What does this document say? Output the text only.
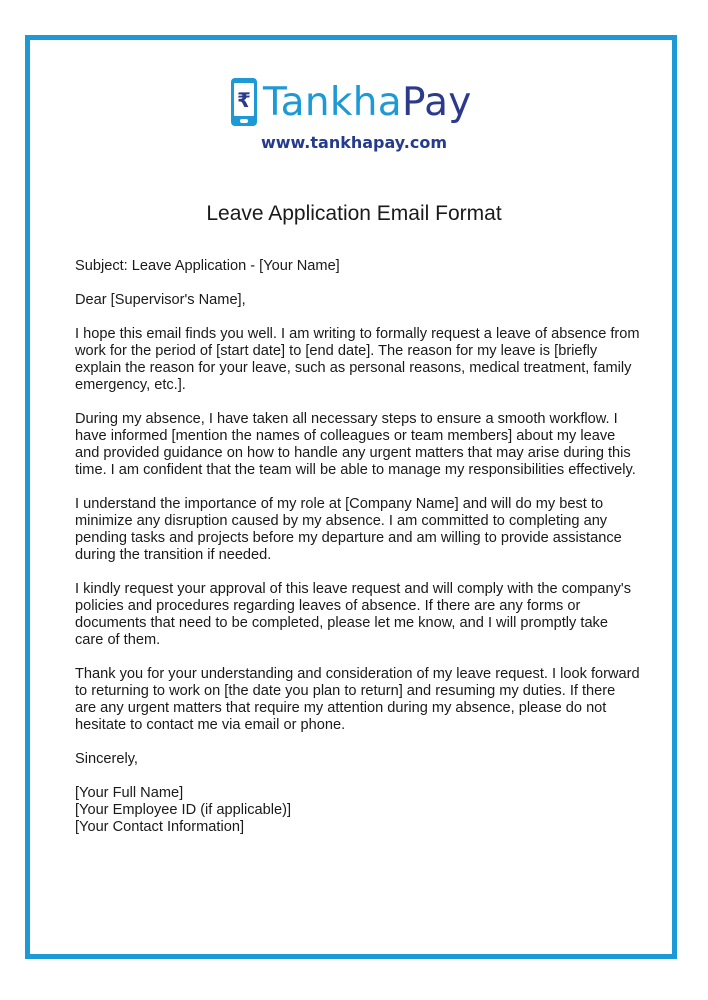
₹ TankhaPay
www.tankhapay.com
Leave Application Email Format

Subject: Leave Application - [Your Name]

Dear [Supervisor's Name],

I hope this email finds you well. I am writing to formally request a leave of absence from work for the period of [start date] to [end date]. The reason for my leave is [briefly explain the reason for your leave, such as personal reasons, medical treatment, family emergency, etc.].

During my absence, I have taken all necessary steps to ensure a smooth workflow. I have informed [mention the names of colleagues or team members] about my leave and provided guidance on how to handle any urgent matters that may arise during this time. I am confident that the team will be able to manage my responsibilities effectively.

I understand the importance of my role at [Company Name] and will do my best to minimize any disruption caused by my absence. I am committed to completing any pending tasks and projects before my departure and am willing to provide assistance during the transition if needed.

I kindly request your approval of this leave request and will comply with the company's policies and procedures regarding leaves of absence. If there are any forms or documents that need to be completed, please let me know, and I will promptly take care of them.

Thank you for your understanding and consideration of my leave request. I look forward to returning to work on [the date you plan to return] and resuming my duties. If there are any urgent matters that require my attention during my absence, please do not hesitate to contact me via email or phone.

Sincerely,

[Your Full Name]
[Your Employee ID (if applicable)]
[Your Contact Information]
